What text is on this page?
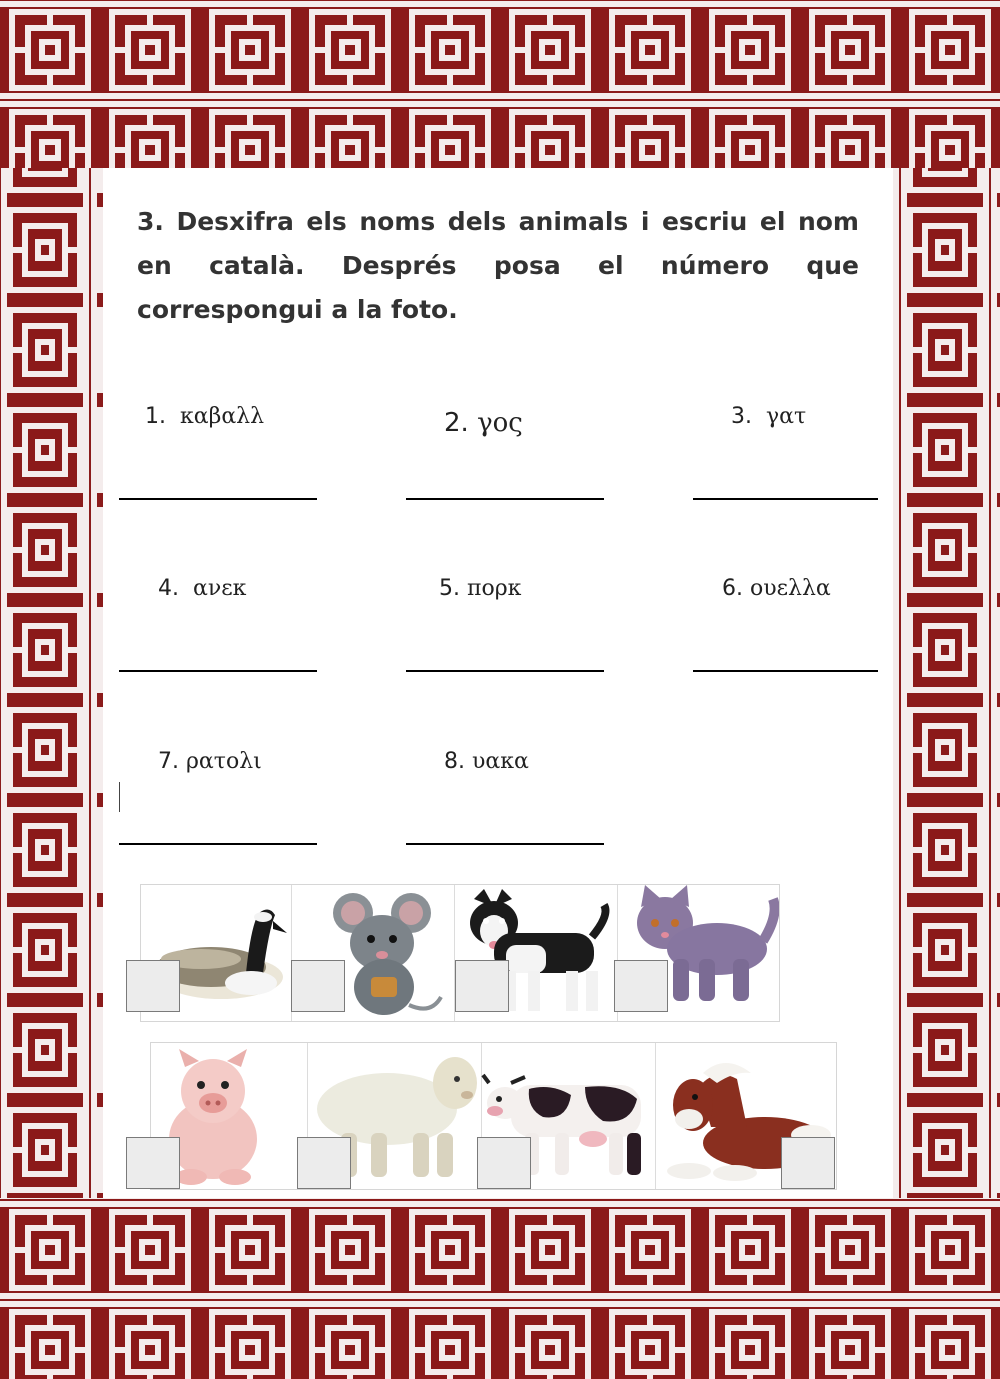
3. Desxifra els noms dels animals i escriu el nom en català. Després posa el número que correspongui a la foto.

1. καβαλλ	2. γος	3. γατ
4. ανεκ	5. πορκ	6. ουελλα
7. ρατολι	8. υακα
